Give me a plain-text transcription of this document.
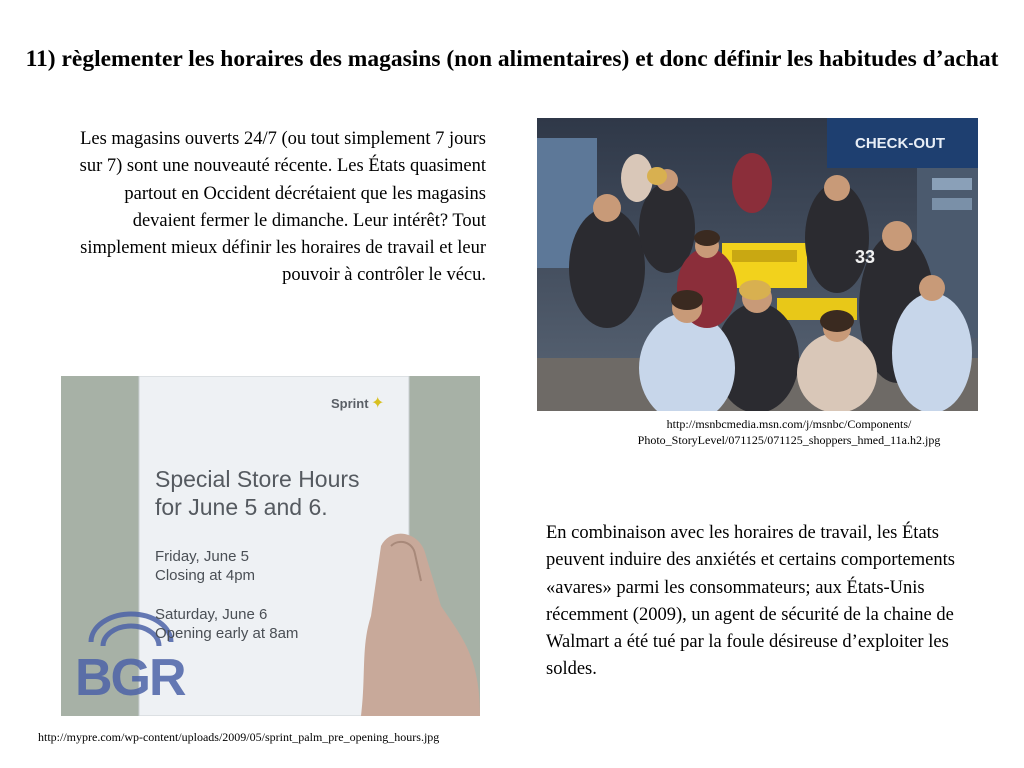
11) règlementer les horaires des magasins (non alimentaires) et donc définir les habitudes d’achat
Les magasins ouverts 24/7 (ou tout simplement 7 jours sur 7) sont une nouveauté récente. Les États quasiment partout en Occident décrétaient que les magasins devaient fermer le dimanche. Leur intérêt? Tout simplement mieux définir les horaires de travail et leur pouvoir à contrôler le vécu.
CHECK-OUT
33
http://msnbcmedia.msn.com/j/msnbc/Components/
Photo_StoryLevel/071125/071125_shoppers_hmed_11a.h2.jpg
Sprint ✦
Special Store Hours
for June 5 and 6.
Friday, June 5
Closing at 4pm
Saturday, June 6
Opening early at 8am
BGR
En combinaison avec les horaires de travail, les États peuvent induire des anxiétés et certains comportements «avares» parmi les consommateurs; aux États-Unis récemment (2009), un agent de sécurité de la chaine de Walmart a été tué par la foule désireuse d’exploiter les soldes.
http://mypre.com/wp-content/uploads/2009/05/sprint_palm_pre_opening_hours.jpg
